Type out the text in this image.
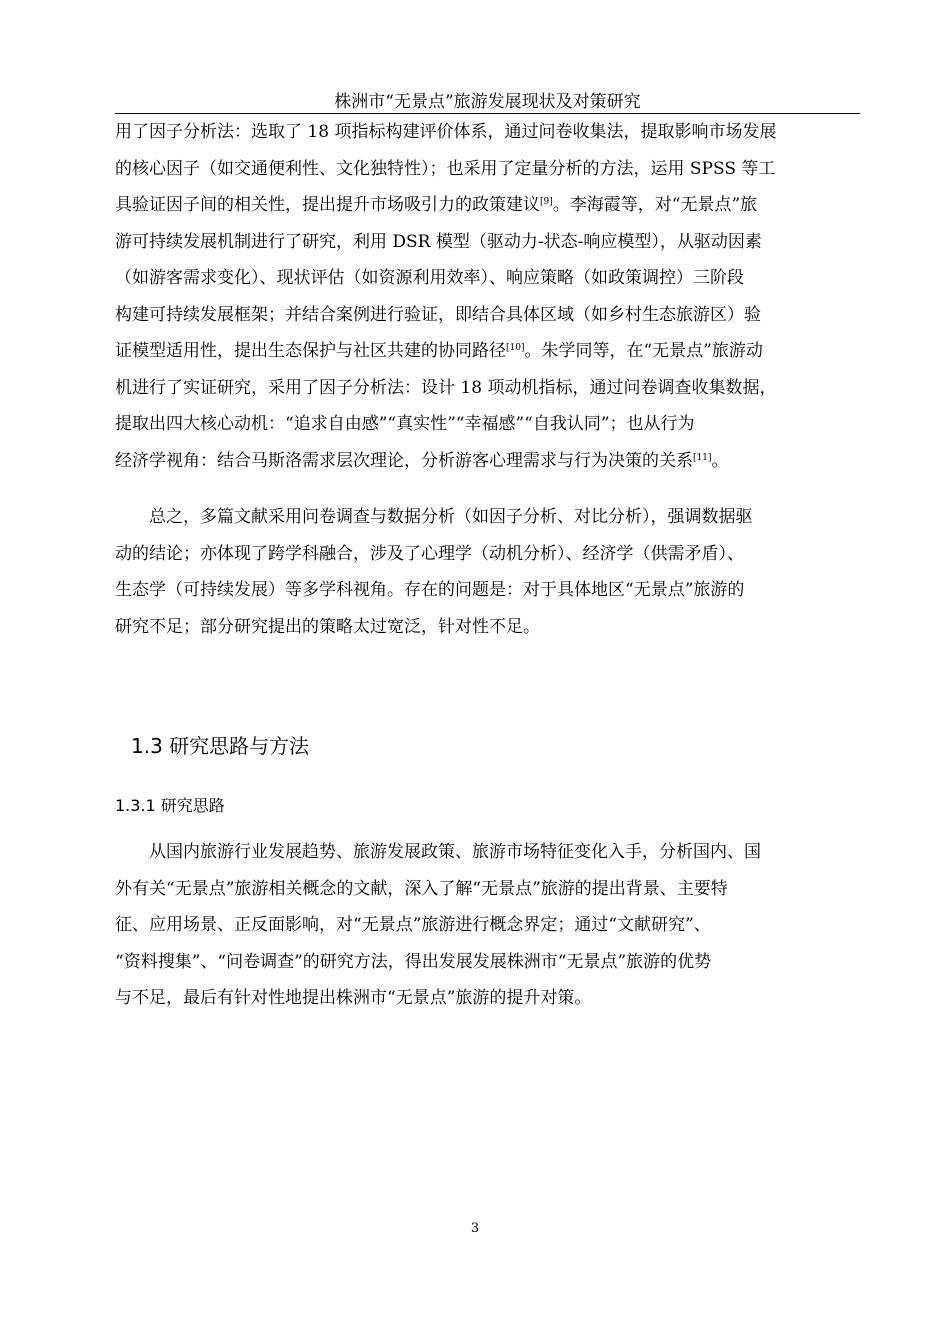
株洲市“无景点”旅游发展现状及对策研究
用了因子分析法：选取了 18 项指标构建评价体系，通过问卷收集法，提取影响市场发展
的核心因子（如交通便利性、文化独特性）；也采用了定量分析的方法，运用 SPSS 等工
具验证因子间的相关性，提出提升市场吸引力的政策建议[9]。李海霞等，对“无景点”旅
游可持续发展机制进行了研究，利用 DSR 模型（驱动力-状态-响应模型），从驱动因素
（如游客需求变化）、现状评估（如资源利用效率）、响应策略（如政策调控）三阶段
构建可持续发展框架；并结合案例进行验证，即结合具体区域（如乡村生态旅游区）验
证模型适用性，提出生态保护与社区共建的协同路径[10]。朱学同等，在“无景点”旅游动
机进行了实证研究，采用了因子分析法：设计 18 项动机指标，通过问卷调查收集数据，
提取出四大核心动机：“追求自由感”“真实性”“幸福感”“自我认同”；也从行为
经济学视角：结合马斯洛需求层次理论，分析游客心理需求与行为决策的关系[11]。
总之，多篇文献采用问卷调查与数据分析（如因子分析、对比分析），强调数据驱
动的结论；亦体现了跨学科融合，涉及了心理学（动机分析）、经济学（供需矛盾）、
生态学（可持续发展）等多学科视角。存在的问题是：对于具体地区“无景点”旅游的
研究不足；部分研究提出的策略太过宽泛，针对性不足。
1.3 研究思路与方法
1.3.1 研究思路
从国内旅游行业发展趋势、旅游发展政策、旅游市场特征变化入手，分析国内、国
外有关“无景点”旅游相关概念的文献，深入了解“无景点”旅游的提出背景、主要特
征、应用场景、正反面影响，对“无景点”旅游进行概念界定；通过“文献研究”、
“资料搜集”、“问卷调查”的研究方法，得出发展发展株洲市“无景点”旅游的优势
与不足，最后有针对性地提出株洲市“无景点”旅游的提升对策。
3
